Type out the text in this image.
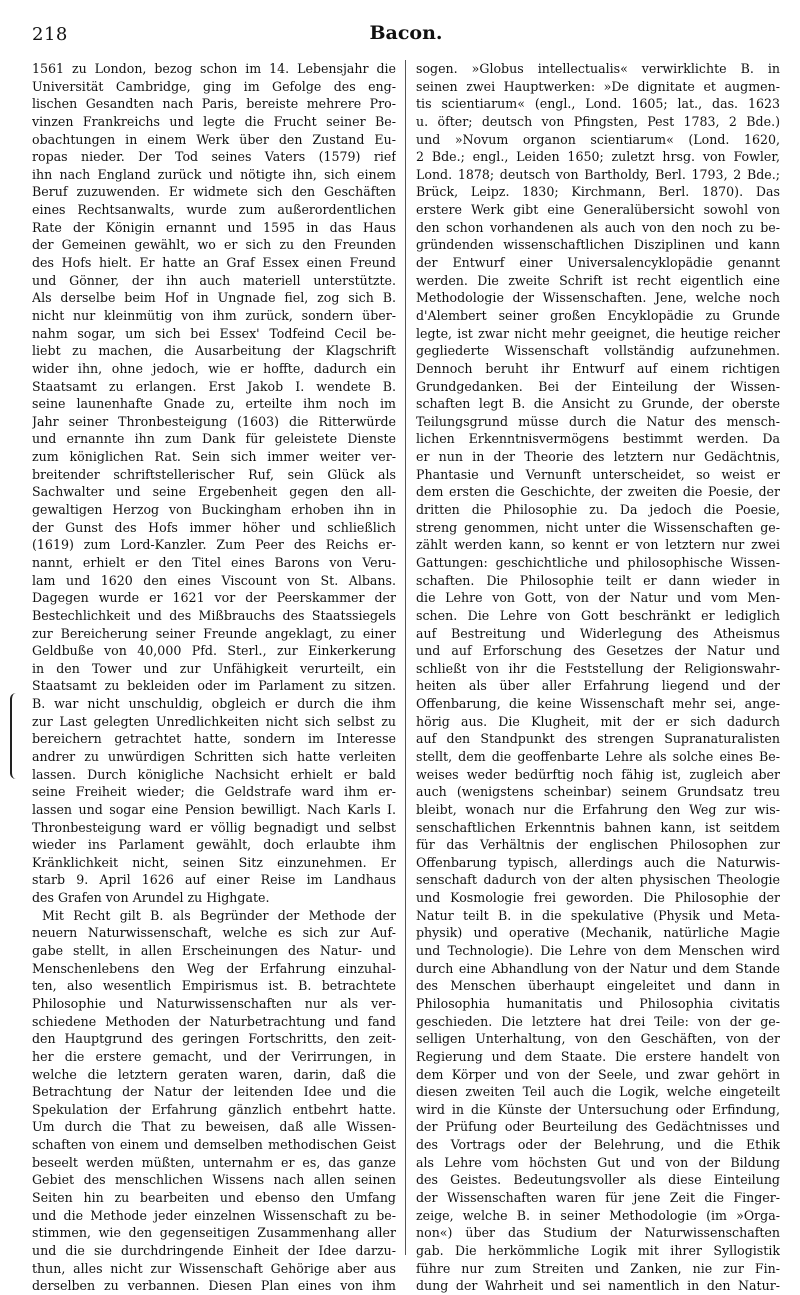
218	Bacon.
1561 zu London, bezog schon im 14. Lebensjahr die
Universität Cambridge, ging im Gefolge des eng-
lischen Gesandten nach Paris, bereiste mehrere Pro-
vinzen Frankreichs und legte die Frucht seiner Be-
obachtungen in einem Werk über den Zustand Eu-
ropas nieder. Der Tod seines Vaters (1579) rief
ihn nach England zurück und nötigte ihn, sich einem
Beruf zuzuwenden. Er widmete sich den Geschäften
eines Rechtsanwalts, wurde zum außerordentlichen
Rate der Königin ernannt und 1595 in das Haus
der Gemeinen gewählt, wo er sich zu den Freunden
des Hofs hielt. Er hatte an Graf Essex einen Freund
und Gönner, der ihn auch materiell unterstützte.
Als derselbe beim Hof in Ungnade fiel, zog sich B.
nicht nur kleinmütig von ihm zurück, sondern über-
nahm sogar, um sich bei Essex' Todfeind Cecil be-
liebt zu machen, die Ausarbeitung der Klagschrift
wider ihn, ohne jedoch, wie er hoffte, dadurch ein
Staatsamt zu erlangen. Erst Jakob I. wendete B.
seine launenhafte Gnade zu, erteilte ihm noch im
Jahr seiner Thronbesteigung (1603) die Ritterwürde
und ernannte ihn zum Dank für geleistete Dienste
zum königlichen Rat. Sein sich immer weiter ver-
breitender schriftstellerischer Ruf, sein Glück als
Sachwalter und seine Ergebenheit gegen den all-
gewaltigen Herzog von Buckingham erhoben ihn in
der Gunst des Hofs immer höher und schließlich
(1619) zum Lord-Kanzler. Zum Peer des Reichs er-
nannt, erhielt er den Titel eines Barons von Veru-
lam und 1620 den eines Viscount von St. Albans.
Dagegen wurde er 1621 vor der Peerskammer der
Bestechlichkeit und des Mißbrauchs des Staatssiegels
zur Bereicherung seiner Freunde angeklagt, zu einer
Geldbuße von 40,000 Pfd. Sterl., zur Einkerkerung
in den Tower und zur Unfähigkeit verurteilt, ein
Staatsamt zu bekleiden oder im Parlament zu sitzen.
B. war nicht unschuldig, obgleich er durch die ihm
zur Last gelegten Unredlichkeiten nicht sich selbst zu
bereichern getrachtet hatte, sondern im Interesse
andrer zu unwürdigen Schritten sich hatte verleiten
lassen. Durch königliche Nachsicht erhielt er bald
seine Freiheit wieder; die Geldstrafe ward ihm er-
lassen und sogar eine Pension bewilligt. Nach Karls I.
Thronbesteigung ward er völlig begnadigt und selbst
wieder ins Parlament gewählt, doch erlaubte ihm
Kränklichkeit nicht, seinen Sitz einzunehmen. Er
starb 9. April 1626 auf einer Reise im Landhaus
des Grafen von Arundel zu Highgate.
Mit Recht gilt B. als Begründer der Methode der
neuern Naturwissenschaft, welche es sich zur Auf-
gabe stellt, in allen Erscheinungen des Natur- und
Menschenlebens den Weg der Erfahrung einzuhal-
ten, also wesentlich Empirismus ist. B. betrachtete
Philosophie und Naturwissenschaften nur als ver-
schiedene Methoden der Naturbetrachtung und fand
den Hauptgrund des geringen Fortschritts, den zeit-
her die erstere gemacht, und der Verirrungen, in
welche die letztern geraten waren, darin, daß die
Betrachtung der Natur der leitenden Idee und die
Spekulation der Erfahrung gänzlich entbehrt hatte.
Um durch die That zu beweisen, daß alle Wissen-
schaften von einem und demselben methodischen Geist
beseelt werden müßten, unternahm er es, das ganze
Gebiet des menschlichen Wissens nach allen seinen
Seiten hin zu bearbeiten und ebenso den Umfang
und die Methode jeder einzelnen Wissenschaft zu be-
stimmen, wie den gegenseitigen Zusammenhang aller
und die sie durchdringende Einheit der Idee darzu-
thun, alles nicht zur Wissenschaft Gehörige aber aus
derselben zu verbannen. Diesen Plan eines von ihm
sogen. »Globus intellectualis« verwirklichte B. in
seinen zwei Hauptwerken: »De dignitate et augmen-
tis scientiarum« (engl., Lond. 1605; lat., das. 1623
u. öfter; deutsch von Pfingsten, Pest 1783, 2 Bde.)
und »Novum organon scientiarum« (Lond. 1620,
2 Bde.; engl., Leiden 1650; zuletzt hrsg. von Fowler,
Lond. 1878; deutsch von Bartholdy, Berl. 1793, 2 Bde.;
Brück, Leipz. 1830; Kirchmann, Berl. 1870). Das
erstere Werk gibt eine Generalübersicht sowohl von
den schon vorhandenen als auch von den noch zu be-
gründenden wissenschaftlichen Disziplinen und kann
der Entwurf einer Universalencyklopädie genannt
werden. Die zweite Schrift ist recht eigentlich eine
Methodologie der Wissenschaften. Jene, welche noch
d'Alembert seiner großen Encyklopädie zu Grunde
legte, ist zwar nicht mehr geeignet, die heutige reicher
gegliederte Wissenschaft vollständig aufzunehmen.
Dennoch beruht ihr Entwurf auf einem richtigen
Grundgedanken. Bei der Einteilung der Wissen-
schaften legt B. die Ansicht zu Grunde, der oberste
Teilungsgrund müsse durch die Natur des mensch-
lichen Erkenntnisvermögens bestimmt werden. Da
er nun in der Theorie des letztern nur Gedächtnis,
Phantasie und Vernunft unterscheidet, so weist er
dem ersten die Geschichte, der zweiten die Poesie, der
dritten die Philosophie zu. Da jedoch die Poesie,
streng genommen, nicht unter die Wissenschaften ge-
zählt werden kann, so kennt er von letztern nur zwei
Gattungen: geschichtliche und philosophische Wissen-
schaften. Die Philosophie teilt er dann wieder in
die Lehre von Gott, von der Natur und vom Men-
schen. Die Lehre von Gott beschränkt er lediglich
auf Bestreitung und Widerlegung des Atheismus
und auf Erforschung des Gesetzes der Natur und
schließt von ihr die Feststellung der Religionswahr-
heiten als über aller Erfahrung liegend und der
Offenbarung, die keine Wissenschaft mehr sei, ange-
hörig aus. Die Klugheit, mit der er sich dadurch
auf den Standpunkt des strengen Supranaturalisten
stellt, dem die geoffenbarte Lehre als solche eines Be-
weises weder bedürftig noch fähig ist, zugleich aber
auch (wenigstens scheinbar) seinem Grundsatz treu
bleibt, wonach nur die Erfahrung den Weg zur wis-
senschaftlichen Erkenntnis bahnen kann, ist seitdem
für das Verhältnis der englischen Philosophen zur
Offenbarung typisch, allerdings auch die Naturwis-
senschaft dadurch von der alten physischen Theologie
und Kosmologie frei geworden. Die Philosophie der
Natur teilt B. in die spekulative (Physik und Meta-
physik) und operative (Mechanik, natürliche Magie
und Technologie). Die Lehre von dem Menschen wird
durch eine Abhandlung von der Natur und dem Stande
des Menschen überhaupt eingeleitet und dann in
Philosophia humanitatis und Philosophia civitatis
geschieden. Die letztere hat drei Teile: von der ge-
selligen Unterhaltung, von den Geschäften, von der
Regierung und dem Staate. Die erstere handelt von
dem Körper und von der Seele, und zwar gehört in
diesen zweiten Teil auch die Logik, welche eingeteilt
wird in die Künste der Untersuchung oder Erfindung,
der Prüfung oder Beurteilung des Gedächtnisses und
des Vortrags oder der Belehrung, und die Ethik
als Lehre vom höchsten Gut und von der Bildung
des Geistes. Bedeutungsvoller als diese Einteilung
der Wissenschaften waren für jene Zeit die Finger-
zeige, welche B. in seiner Methodologie (im »Orga-
non«) über das Studium der Naturwissenschaften
gab. Die herkömmliche Logik mit ihrer Syllogistik
führe nur zum Streiten und Zanken, nie zur Fin-
dung der Wahrheit und sei namentlich in den Natur-
